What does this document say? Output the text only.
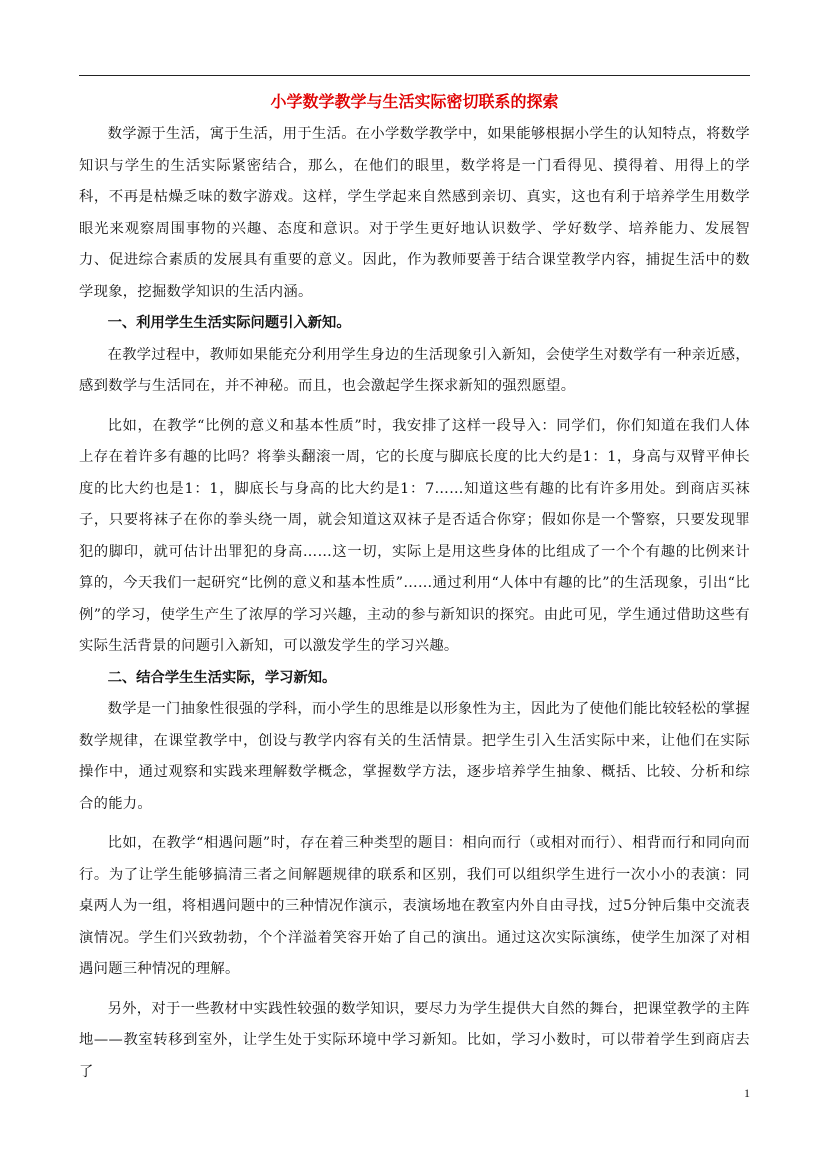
小学数学教学与生活实际密切联系的探索

数学源于生活，寓于生活，用于生活。在小学数学教学中，如果能够根据小学生的认知特点，将数学知识与学生的生活实际紧密结合，那么，在他们的眼里，数学将是一门看得见、摸得着、用得上的学科，不再是枯燥乏味的数字游戏。这样，学生学起来自然感到亲切、真实，这也有利于培养学生用数学眼光来观察周围事物的兴趣、态度和意识。对于学生更好地认识数学、学好数学、培养能力、发展智力、促进综合素质的发展具有重要的意义。因此，作为教师要善于结合课堂教学内容，捕捉生活中的数学现象，挖掘数学知识的生活内涵。

一、利用学生生活实际问题引入新知。

在教学过程中，教师如果能充分利用学生身边的生活现象引入新知，会使学生对数学有一种亲近感，感到数学与生活同在，并不神秘。而且，也会激起学生探求新知的强烈愿望。

比如，在教学“比例的意义和基本性质”时，我安排了这样一段导入：同学们，你们知道在我们人体上存在着许多有趣的比吗？将拳头翻滚一周，它的长度与脚底长度的比大约是1：1，身高与双臂平伸长度的比大约也是1：1，脚底长与身高的比大约是1：7……知道这些有趣的比有许多用处。到商店买袜子，只要将袜子在你的拳头绕一周，就会知道这双袜子是否适合你穿；假如你是一个警察，只要发现罪犯的脚印，就可估计出罪犯的身高……这一切，实际上是用这些身体的比组成了一个个有趣的比例来计算的，今天我们一起研究“比例的意义和基本性质”……通过利用“人体中有趣的比”的生活现象，引出“比例”的学习，使学生产生了浓厚的学习兴趣，主动的参与新知识的探究。由此可见，学生通过借助这些有实际生活背景的问题引入新知，可以激发学生的学习兴趣。

二、结合学生生活实际，学习新知。

数学是一门抽象性很强的学科，而小学生的思维是以形象性为主，因此为了使他们能比较轻松的掌握数学规律，在课堂教学中，创设与教学内容有关的生活情景。把学生引入生活实际中来，让他们在实际操作中，通过观察和实践来理解数学概念，掌握数学方法，逐步培养学生抽象、概括、比较、分析和综合的能力。

比如，在教学“相遇问题”时，存在着三种类型的题目：相向而行（或相对而行）、相背而行和同向而行。为了让学生能够搞清三者之间解题规律的联系和区别，我们可以组织学生进行一次小小的表演：同桌两人为一组，将相遇问题中的三种情况作演示，表演场地在教室内外自由寻找，过5分钟后集中交流表演情况。学生们兴致勃勃，个个洋溢着笑容开始了自己的演出。通过这次实际演练，使学生加深了对相遇问题三种情况的理解。

另外，对于一些教材中实践性较强的数学知识，要尽力为学生提供大自然的舞台，把课堂教学的主阵地——教室转移到室外，让学生处于实际环境中学习新知。比如，学习小数时，可以带着学生到商店去了

1
